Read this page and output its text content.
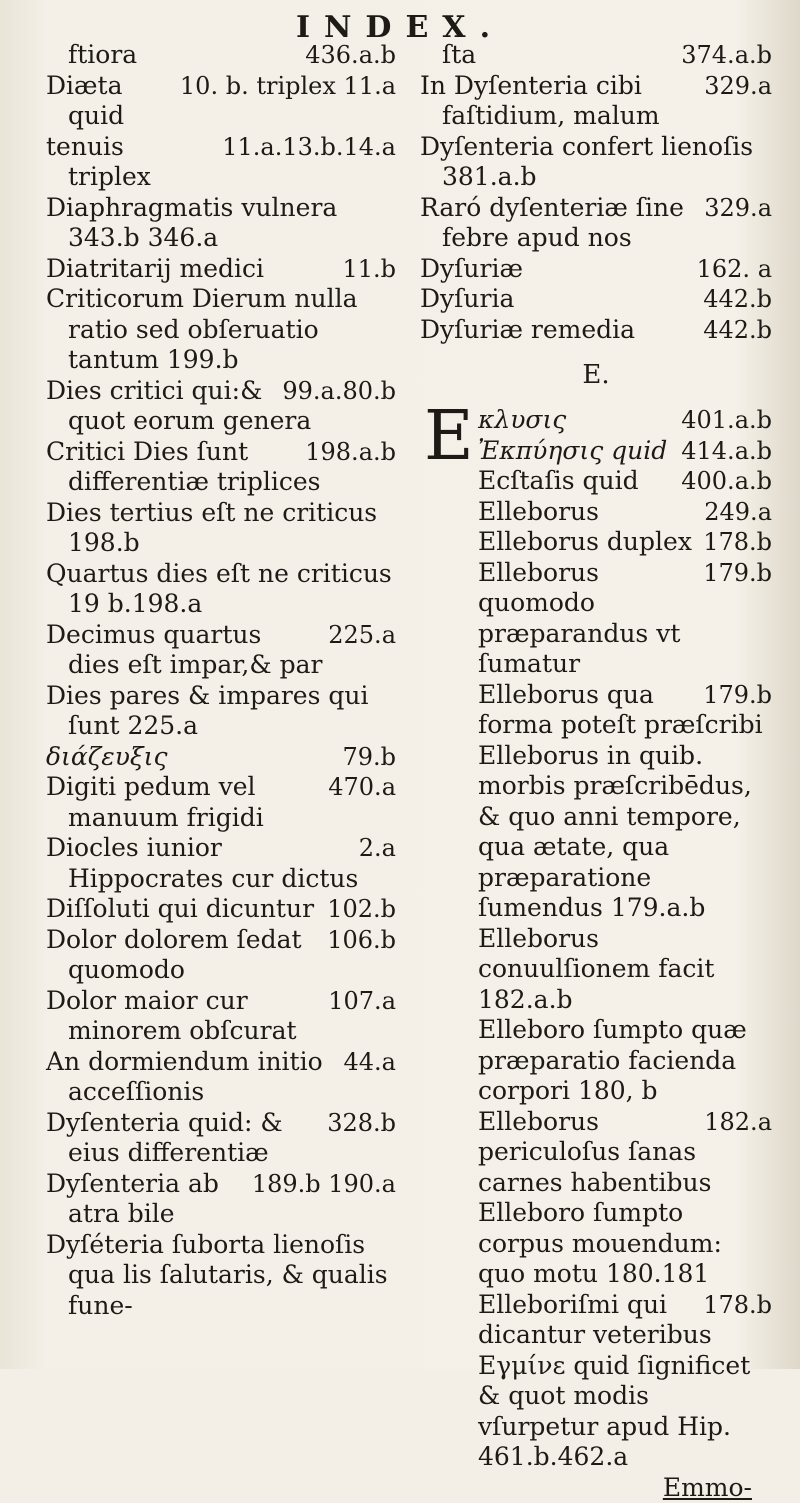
INDEX.
436.a.b
ftiora
10. b. triplex 11.a
Diæta quid
11.a.13.b.14.a
tenuis triplex
Diaphragmatis vulnera 343.b 346.a
11.b
Diatritarij medici
Criticorum Dierum nulla ratio sed obſeruatio tantum 199.b
99.a.80.b
Dies critici qui:& quot eorum genera
198.a.b
Critici Dies ſunt differentiæ triplices
Dies tertius eſt ne criticus 198.b
Quartus dies eſt ne criticus 19 b.198.a
225.a
Decimus quartus dies eſt impar,& par
Dies pares & impares qui ſunt 225.a
79.b
διάζευξις
470.a
Digiti pedum vel manuum frigidi
2.a
Diocles iunior Hippocrates cur dictus
102.b
Diſſoluti qui dicuntur
106.b
Dolor dolorem ſedat quomodo
107.a
Dolor maior cur minorem obſcurat
44.a
An dormiendum initio acceſſionis
328.b
Dyſenteria quid: & eius differentiæ
189.b 190.a
Dyſenteria ab atra bile
Dyſéteria ſuborta lienoſis qua lis ſalutaris, & qualis fune-
374.a.b
ſta
329.a
In Dyſenteria cibi faſtidium, malum
Dyſenteria confert lienoſis 381.a.b
329.a
Raró dyſenteriæ ſine febre apud nos
162. a
Dyſuriæ
442.b
Dyſuria
442.b
Dyſuriæ remedia
E.
E	401.a.b
κλυσις
414.a.b
Ἐκπύησις quid
400.a.b
Ecſtaſis quid
249.a
Elleborus
178.b
Elleborus duplex
179.b
Elleborus quomodo præparandus vt ſumatur
179.b
Elleborus qua forma poteſt præſcribi
Elleborus in quib. morbis præſcribēdus, & quo anni tempore, qua ætate, qua præparatione ſumendus 179.a.b
Elleborus conuulſionem facit 182.a.b
Elleboro ſumpto quæ præparatio facienda corpori 180, b
182.a
Elleborus periculoſus ſanas carnes habentibus
Elleboro ſumpto corpus mouendum: quo motu 180.181
178.b
Elleboriſmi qui dicantur veteribus
Εγμίνε quid ſignificet & quot modis vſurpetur apud Hip. 461.b.462.a
Emmo-
